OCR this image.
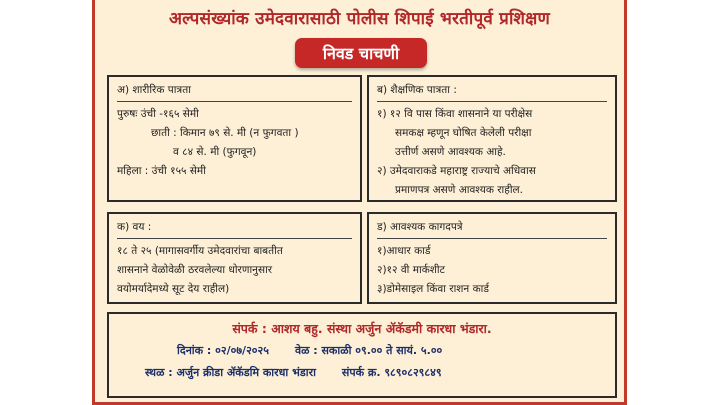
अल्पसंख्यांक उमेदवारासाठी पोलीस शिपाई भरतीपूर्व प्रशिक्षण
निवड चाचणी
अ) शारीरिक पात्रता
पुरुषः उंची -१६५ सेमी
छाती : किमान ७९ से. मी (न फुगवता )
व ८४ से. मी (फुगवून)
महिला : उंची १५५ सेमी
ब) शैक्षणिक पात्रता :
१) १२ वि पास किंवा शासनाने या परीक्षेस
समकक्ष म्हणून घोषित केलेली परीक्षा
उत्तीर्ण असणे आवश्यक आहे.
२) उमेदवाराकडे महाराष्ट्र राज्याचे अधिवास
प्रमाणपत्र असणे आवश्यक राहील.
क) वय :
१८ ते २५ (मागासवर्गीय उमेदवारांचा बाबतीत
शासनाने वेळोवेळी ठरवलेल्या धोरणानुसार
वयोमर्यादेमध्ये सूट देय राहील)
ड) आवश्यक कागदपत्रे
१)आधार कार्ड
२)१२ वी मार्कशीट
३)डोमेसाइल किंवा राशन कार्ड
संपर्क : आशय बहु. संस्था अर्जुन ॲकॅडमी कारधा भंडारा.
दिनांक : ०२/०७/२०२५ वेळ : सकाळी ०९.०० ते सायं. ५.००
स्थळ : अर्जुन क्रीडा ॲकॅडमि कारधा भंडारा संपर्क क्र. ९८९०८२९८४९
